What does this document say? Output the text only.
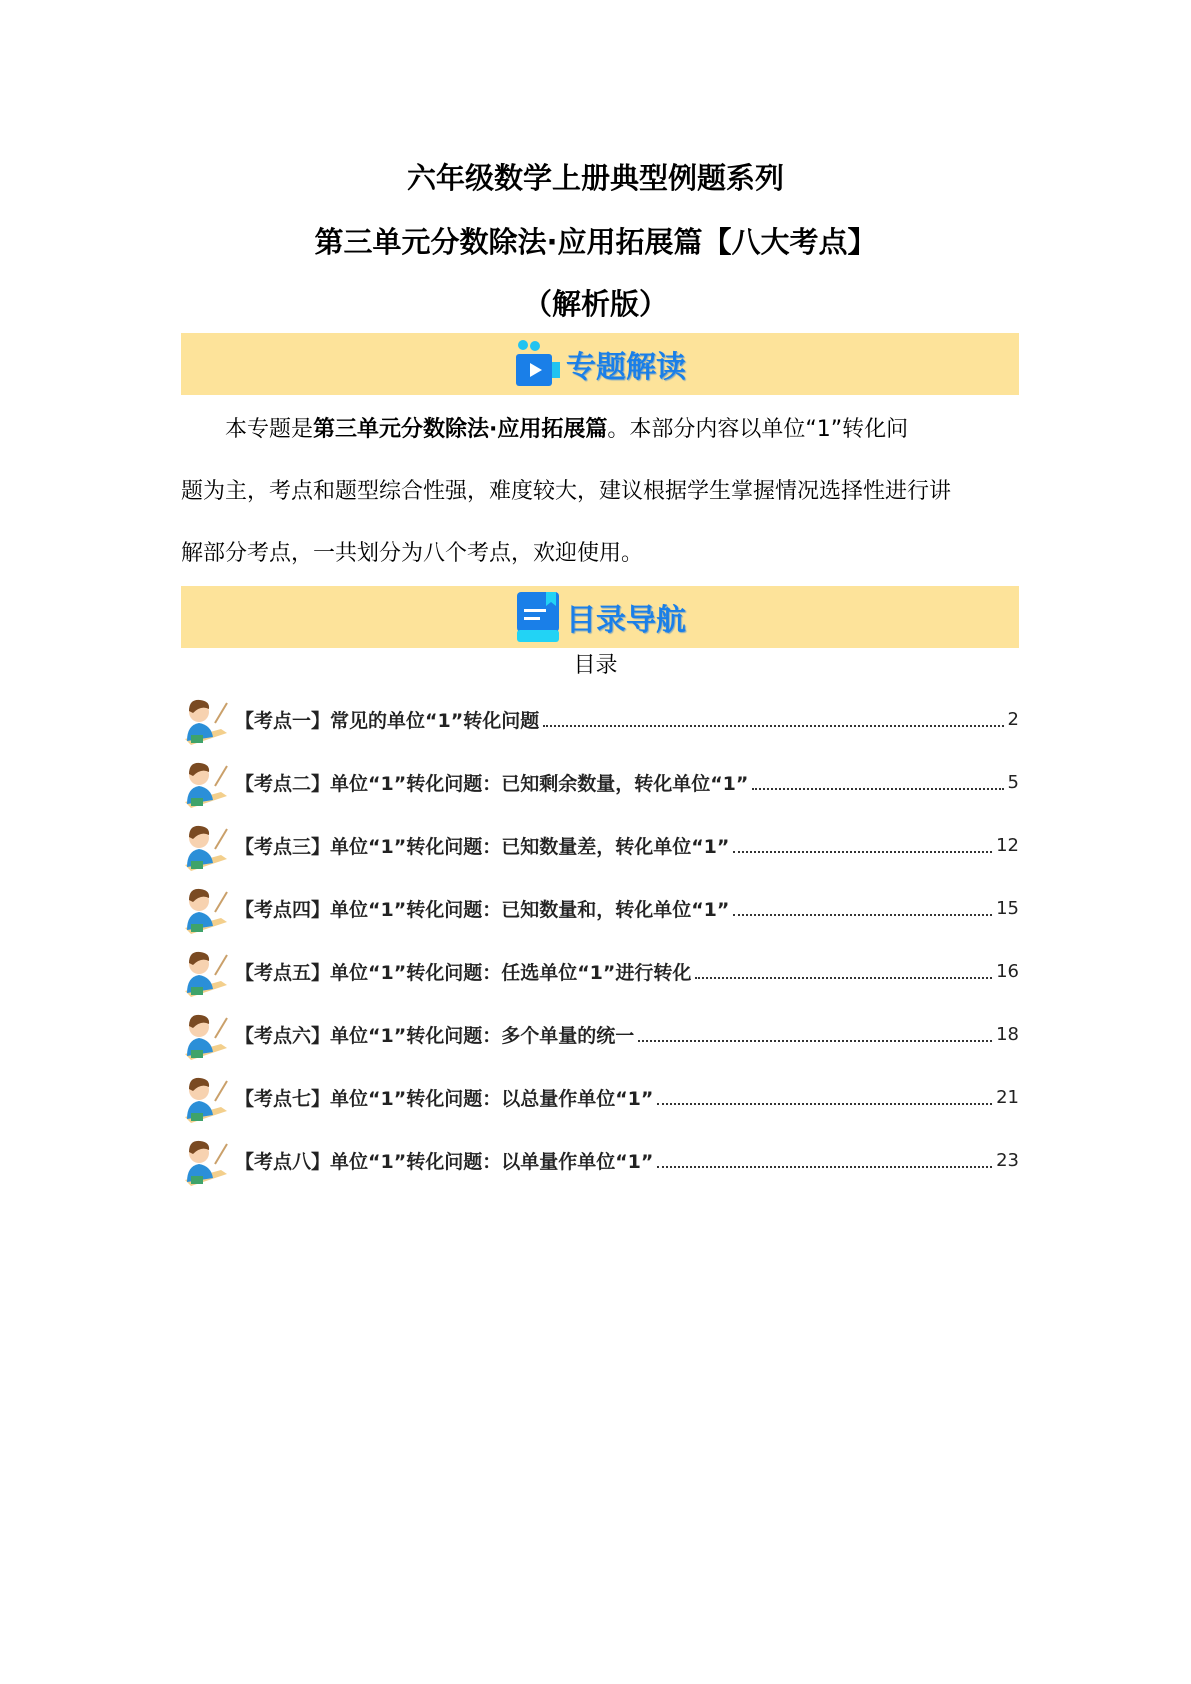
六年级数学上册典型例题系列
第三单元分数除法·应用拓展篇【八大考点】
（解析版）
专题解读

本专题是第三单元分数除法·应用拓展篇。本部分内容以单位“1”转化问

题为主，考点和题型综合性强，难度较大，建议根据学生掌握情况选择性进行讲

解部分考点，一共划分为八个考点，欢迎使用。

目录导航
目录
【考点一】常见的单位“1”转化问题	2
【考点二】单位“1”转化问题：已知剩余数量，转化单位“1”	5
【考点三】单位“1”转化问题：已知数量差，转化单位“1”	12
【考点四】单位“1”转化问题：已知数量和，转化单位“1”	15
【考点五】单位“1”转化问题：任选单位“1”进行转化	16
【考点六】单位“1”转化问题：多个单量的统一	18
【考点七】单位“1”转化问题：以总量作单位“1”	21
【考点八】单位“1”转化问题：以单量作单位“1”	23
